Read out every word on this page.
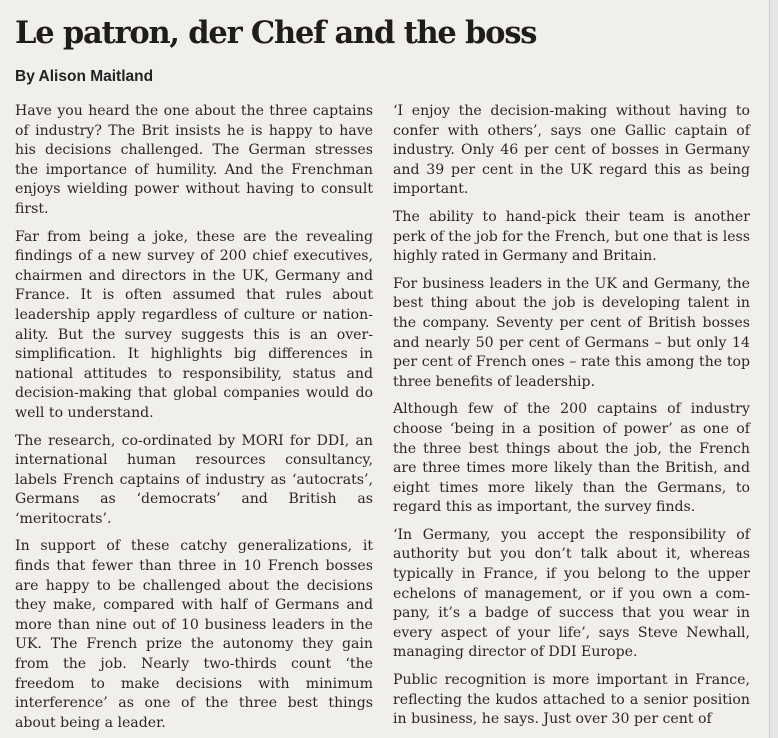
Le patron, der Chef and the boss
By Alison Maitland

Have you heard the one about the three captains of industry? The Brit insists he is happy to have his decisions challenged. The German stresses the importance of humility. And the Frenchman enjoys wielding power without having to consult first.

Far from being a joke, these are the revealing findings of a new survey of 200 chief executives, chairmen and directors in the UK, Germany and France. It is often assumed that rules about leadership apply regardless of culture or nationality. But the survey suggests this is an oversimplification. It highlights big differences in national attitudes to responsibility, status and decision-making that global companies would do well to understand.

The research, co-ordinated by MORI for DDI, an international human resources consultancy, labels French captains of industry as ‘autocrats’, Germans as ‘democrats’ and British as ‘meritocrats’.

In support of these catchy generalizations, it finds that fewer than three in 10 French bosses are happy to be challenged about the decisions they make, compared with half of Germans and more than nine out of 10 business leaders in the UK. The French prize the autonomy they gain from the job. Nearly two-thirds count ‘the freedom to make decisions with minimum interference’ as one of the three best things about being a leader.

‘I enjoy the decision-making without having to confer with others’, says one Gallic captain of industry. Only 46 per cent of bosses in Germany and 39 per cent in the UK regard this as being important.

The ability to hand-pick their team is another perk of the job for the French, but one that is less highly rated in Germany and Britain.

For business leaders in the UK and Germany, the best thing about the job is developing talent in the company. Seventy per cent of British bosses and nearly 50 per cent of Germans – but only 14 per cent of French ones – rate this among the top three benefits of leadership.

Although few of the 200 captains of industry choose ‘being in a position of power’ as one of the three best things about the job, the French are three times more likely than the British, and eight times more likely than the Germans, to regard this as important, the survey finds.

‘In Germany, you accept the responsibility of authority but you don’t talk about it, whereas typically in France, if you belong to the upper echelons of management, or if you own a company, it’s a badge of success that you wear in every aspect of your life’, says Steve Newhall, managing director of DDI Europe.

Public recognition is more important in France, reflecting the kudos attached to a senior position in business, he says. Just over 30 per cent of
